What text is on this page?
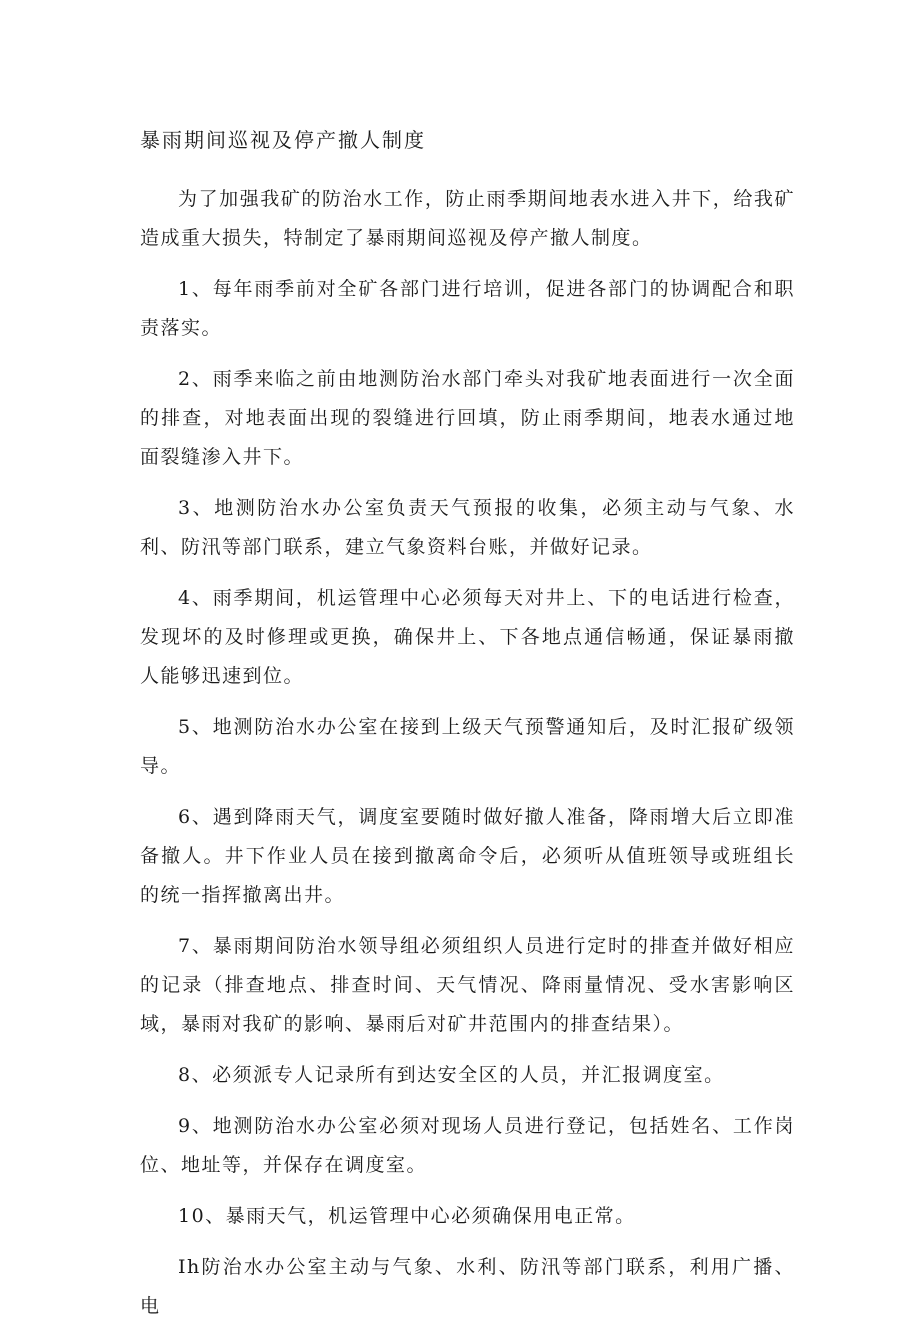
暴雨期间巡视及停产撤人制度

为了加强我矿的防治水工作，防止雨季期间地表水进入井下，给我矿造成重大损失，特制定了暴雨期间巡视及停产撤人制度。

1、每年雨季前对全矿各部门进行培训，促进各部门的协调配合和职责落实。

2、雨季来临之前由地测防治水部门牵头对我矿地表面进行一次全面的排查，对地表面出现的裂缝进行回填，防止雨季期间，地表水通过地面裂缝渗入井下。

3、地测防治水办公室负责天气预报的收集，必须主动与气象、水利、防汛等部门联系，建立气象资料台账，并做好记录。

4、雨季期间，机运管理中心必须每天对井上、下的电话进行检查，发现坏的及时修理或更换，确保井上、下各地点通信畅通，保证暴雨撤人能够迅速到位。

5、地测防治水办公室在接到上级天气预警通知后，及时汇报矿级领导。

6、遇到降雨天气，调度室要随时做好撤人准备，降雨增大后立即准备撤人。井下作业人员在接到撤离命令后，必须听从值班领导或班组长的统一指挥撤离出井。

7、暴雨期间防治水领导组必须组织人员进行定时的排查并做好相应的记录（排查地点、排查时间、天气情况、降雨量情况、受水害影响区域，暴雨对我矿的影响、暴雨后对矿井范围内的排查结果）。

8、必须派专人记录所有到达安全区的人员，并汇报调度室。

9、地测防治水办公室必须对现场人员进行登记，包括姓名、工作岗位、地址等，并保存在调度室。

10、暴雨天气，机运管理中心必须确保用电正常。

Ih防治水办公室主动与气象、水利、防汛等部门联系，利用广播、电
